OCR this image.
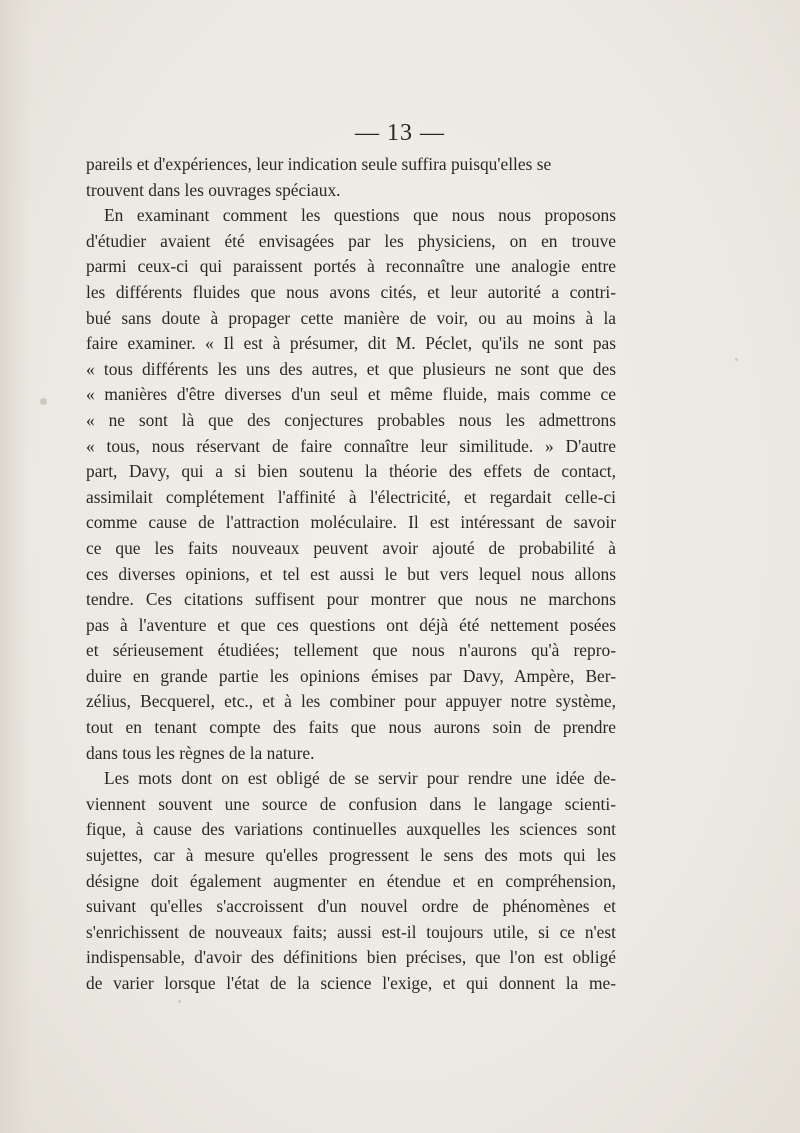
— 13 —
pareils et d'expériences, leur indication seule suffira puisqu'elles se
trouvent dans les ouvrages spéciaux.
En examinant comment les questions que nous nous proposons
d'étudier avaient été envisagées par les physiciens, on en trouve
parmi ceux-ci qui paraissent portés à reconnaître une analogie entre
les différents fluides que nous avons cités, et leur autorité a contri-
bué sans doute à propager cette manière de voir, ou au moins à la
faire examiner. « Il est à présumer, dit M. Péclet, qu'ils ne sont pas
« tous différents les uns des autres, et que plusieurs ne sont que des
« manières d'être diverses d'un seul et même fluide, mais comme ce
« ne sont là que des conjectures probables nous les admettrons
« tous, nous réservant de faire connaître leur similitude. » D'autre
part, Davy, qui a si bien soutenu la théorie des effets de contact,
assimilait complétement l'affinité à l'électricité, et regardait celle-ci
comme cause de l'attraction moléculaire. Il est intéressant de savoir
ce que les faits nouveaux peuvent avoir ajouté de probabilité à
ces diverses opinions, et tel est aussi le but vers lequel nous allons
tendre. Ces citations suffisent pour montrer que nous ne marchons
pas à l'aventure et que ces questions ont déjà été nettement posées
et sérieusement étudiées; tellement que nous n'aurons qu'à repro-
duire en grande partie les opinions émises par Davy, Ampère, Ber-
zélius, Becquerel, etc., et à les combiner pour appuyer notre système,
tout en tenant compte des faits que nous aurons soin de prendre
dans tous les règnes de la nature.
Les mots dont on est obligé de se servir pour rendre une idée de-
viennent souvent une source de confusion dans le langage scienti-
fique, à cause des variations continuelles auxquelles les sciences sont
sujettes, car à mesure qu'elles progressent le sens des mots qui les
désigne doit également augmenter en étendue et en compréhension,
suivant qu'elles s'accroissent d'un nouvel ordre de phénomènes et
s'enrichissent de nouveaux faits; aussi est-il toujours utile, si ce n'est
indispensable, d'avoir des définitions bien précises, que l'on est obligé
de varier lorsque l'état de la science l'exige, et qui donnent la me-
